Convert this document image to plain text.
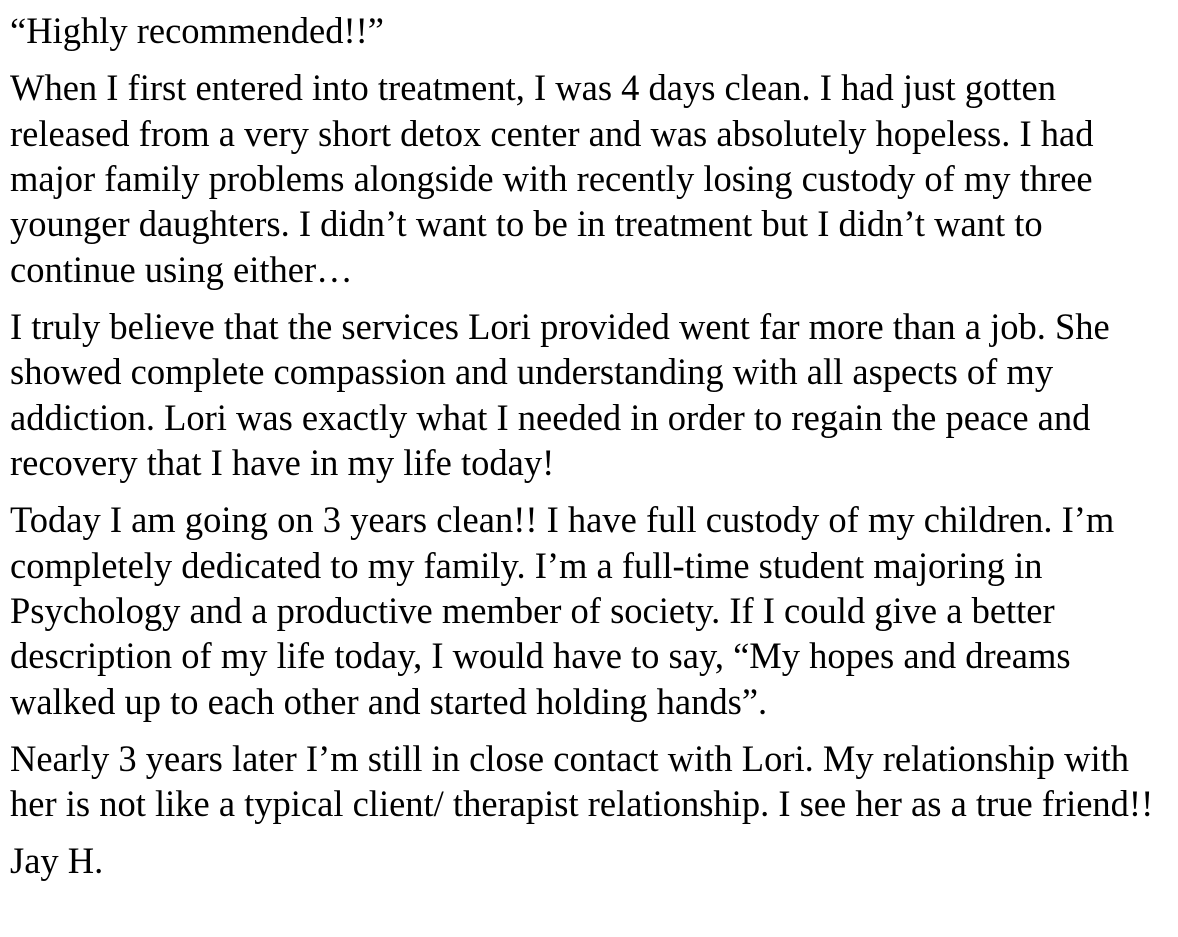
“Highly recommended!!”

When I first entered into treatment, I was 4 days clean. I had just gotten released from a very short detox center and was absolutely hopeless. I had major family problems alongside with recently losing custody of my three younger daughters. I didn’t want to be in treatment but I didn’t want to continue using either…

I truly believe that the services Lori provided went far more than a job. She showed complete compassion and understanding with all aspects of my addiction. Lori was exactly what I needed in order to regain the peace and recovery that I have in my life today!

Today I am going on 3 years clean!! I have full custody of my children. I’m completely dedicated to my family. I’m a full-time student majoring in Psychology and a productive member of society. If I could give a better description of my life today, I would have to say, “My hopes and dreams walked up to each other and started holding hands”.

Nearly 3 years later I’m still in close contact with Lori. My relationship with her is not like a typical client/ therapist relationship. I see her as a true friend!!

Jay H.
